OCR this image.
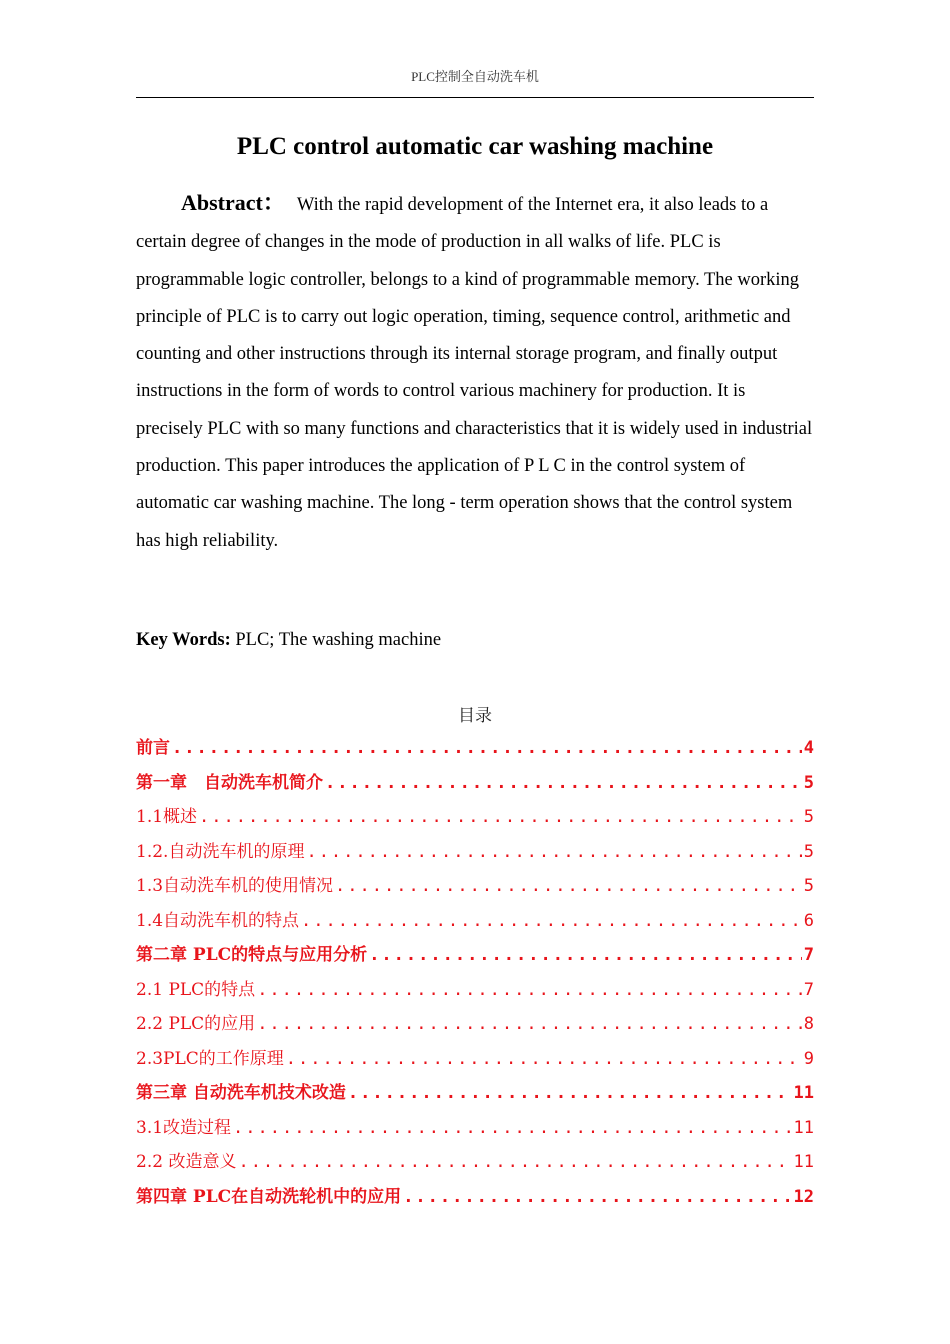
PLC控制全自动洗车机
PLC control automatic car washing machine
Abstract： With the rapid development of the Internet era, it also leads to a certain degree of changes in the mode of production in all walks of life. PLC is programmable logic controller, belongs to a kind of programmable memory. The working principle of PLC is to carry out logic operation, timing, sequence control, arithmetic and counting and other instructions through its internal storage program, and finally output instructions in the form of words to control various machinery for production. It is precisely PLC with so many functions and characteristics that it is widely used in industrial production. This paper introduces the application of P L C in the control system of automatic car washing machine. The long - term operation shows that the control system has high reliability.
Key Words: PLC; The washing machine
目录
前言 .....	4
第一章　自动洗车机简介 .....	5
1.1概述 .....	5
1.2.自动洗车机的原理 .....	5
1.3自动洗车机的使用情况 .....	5
1.4自动洗车机的特点 .....	6
第二章 PLC的特点与应用分析 .....	7
2.1 PLC的特点 .....	7
2.2 PLC的应用 .....	8
2.3PLC的工作原理 .....	9
第三章 自动洗车机技术改造 .....	11
3.1改造过程 .....	11
2.2 改造意义 .....	11
第四章 PLC在自动洗轮机中的应用 .....	12
